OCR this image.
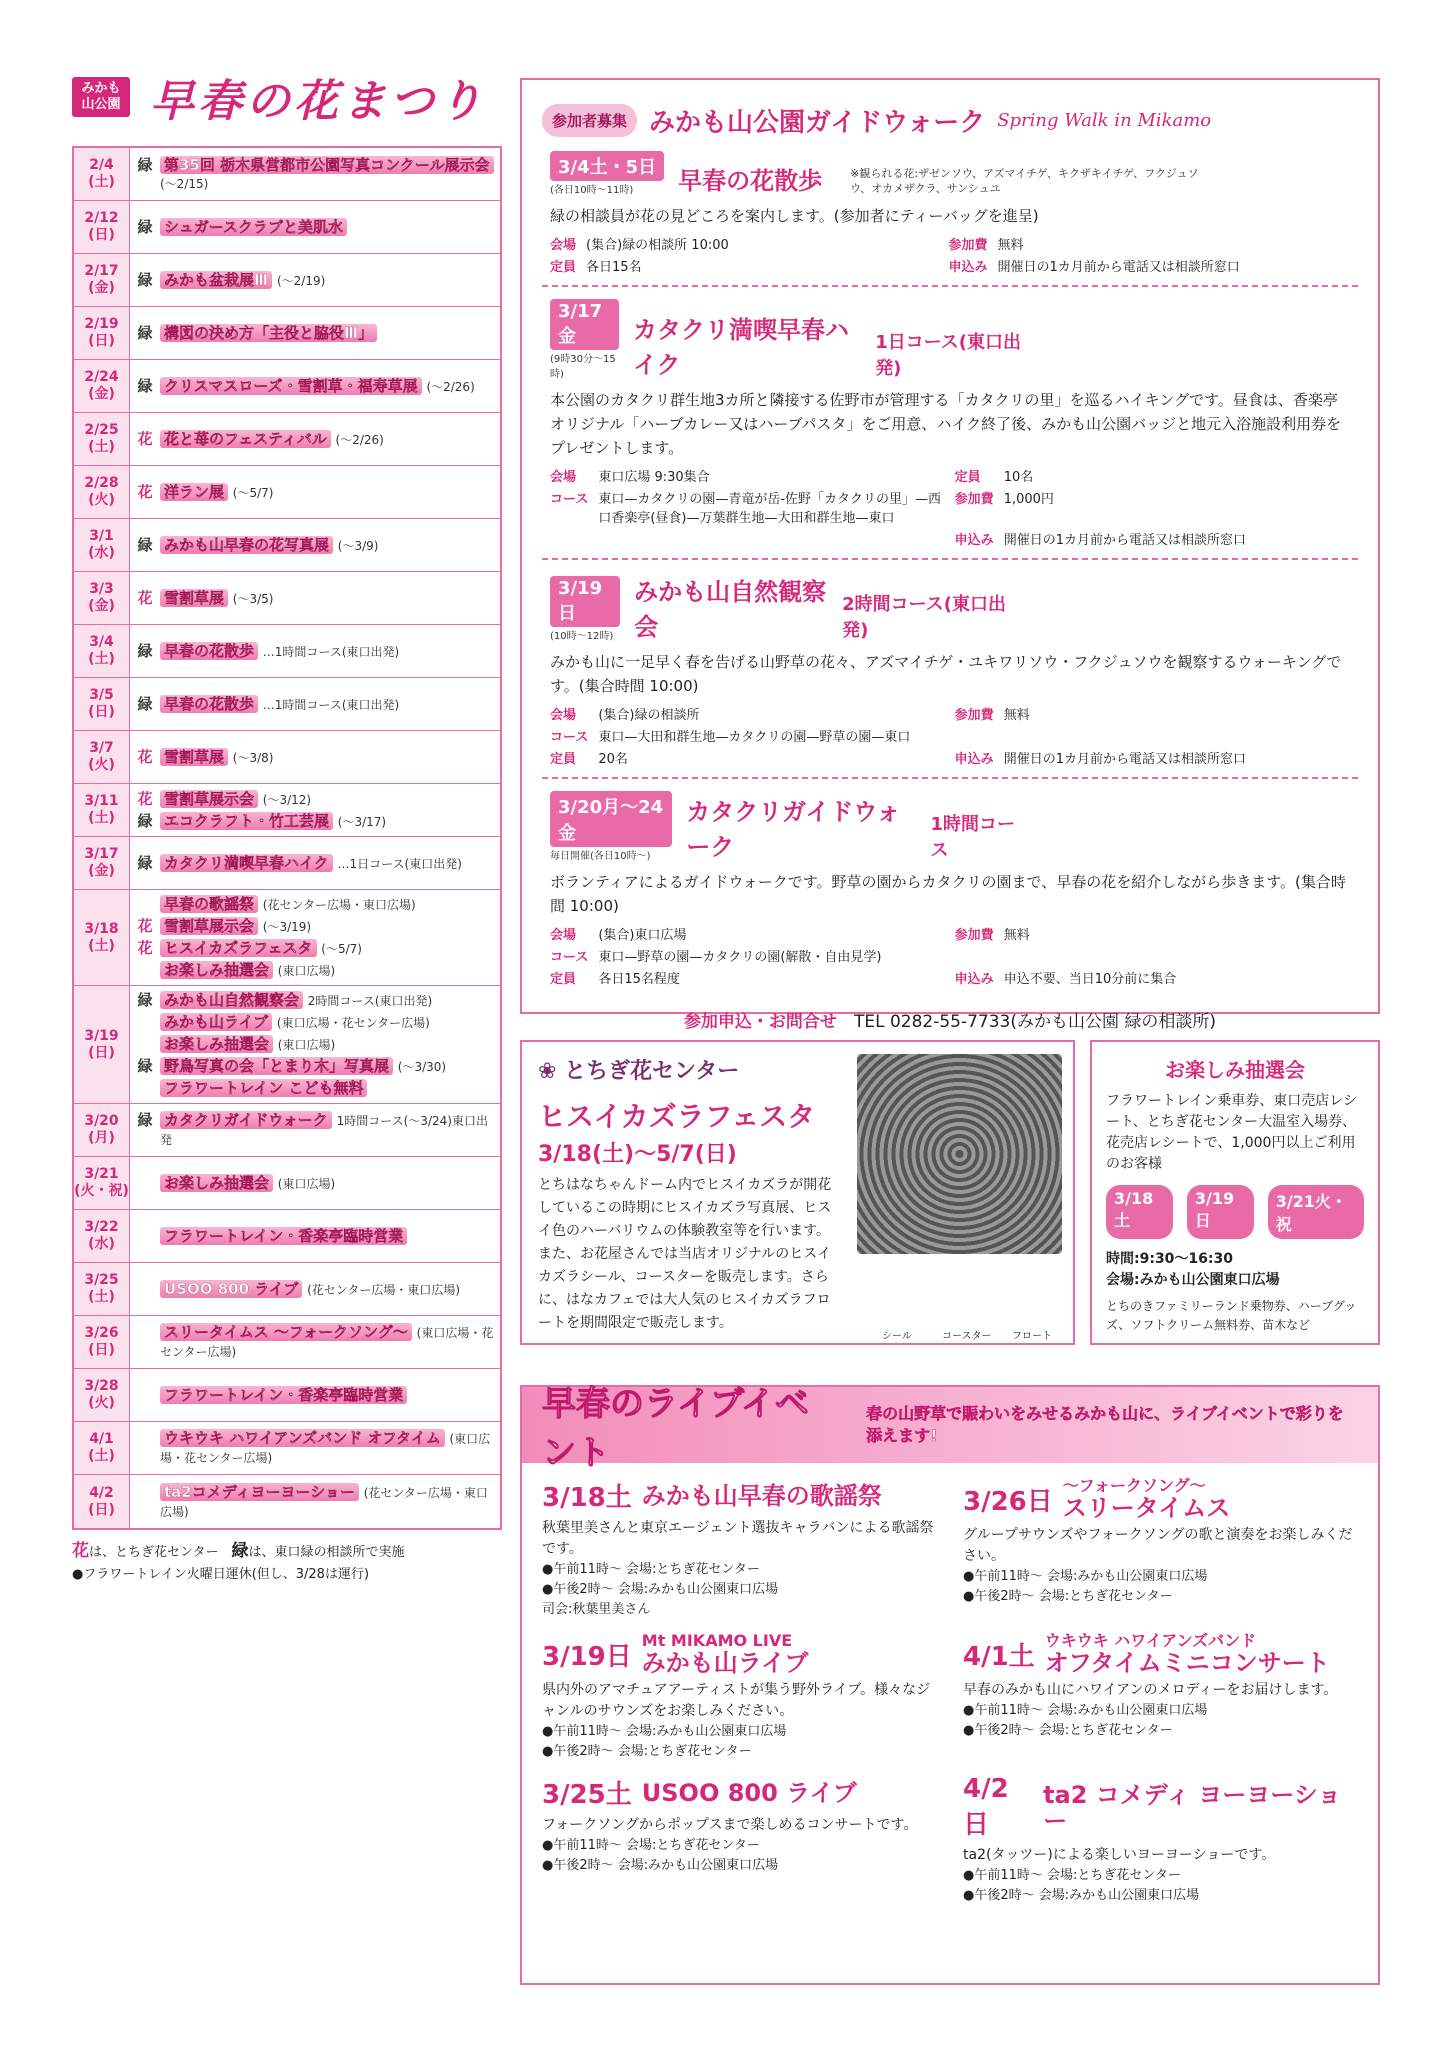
みかも山公園 早春の花まつり
2/4
(土)
緑 第35回 栃木県営都市公園写真コンクール展示会 (〜2/15)
2/12
(日)	緑 シュガースクラブと美肌水
2/17
(金)	緑 みかも盆栽展Ⅲ (〜2/19)
2/19
(日)	緑 構図の決め方「主役と脇役Ⅲ」
2/24
(金)	緑 クリスマスローズ・雪割草・福寿草展 (〜2/26)
2/25
(土)	花 花と苺のフェスティバル (〜2/26)
2/28
(火)	花 洋ラン展 (〜5/7)
3/1
(水)	緑 みかも山早春の花写真展 (〜3/9)
3/3
(金)	花 雪割草展 (〜3/5)
3/4
(土)	緑 早春の花散歩 …1時間コース(東口出発)
3/5
(日)	緑 早春の花散歩 …1時間コース(東口出発)
3/7
(火)	花 雪割草展 (〜3/8)
3/11
(土)
花 雪割草展示会 (〜3/12)
緑 エコクラフト・竹工芸展 (〜3/17)
3/17
(金)	緑 カタクリ満喫早春ハイク …1日コース(東口出発)
3/18
(土)
早春の歌謡祭 (花センター広場・東口広場)
花 雪割草展示会 (〜3/19)
花 ヒスイカズラフェスタ (〜5/7)
お楽しみ抽選会 (東口広場)
3/19
(日)
緑 みかも山自然観察会 2時間コース(東口出発)
みかも山ライブ (東口広場・花センター広場)
お楽しみ抽選会 (東口広場)
緑 野鳥写真の会「とまり木」写真展 (〜3/30)
フラワートレイン こども無料
3/20
(月)
緑 カタクリガイドウォーク 1時間コース(〜3/24)東口出発
3/21
(火・祝) お楽しみ抽選会 (東口広場)
3/22
(水)	フラワートレイン・香楽亭臨時営業
3/25
(土)	USOO 800 ライブ (花センター広場・東口広場)
3/26
(日)
スリータイムス 〜フォークソング〜 (東口広場・花センター広場)
3/28
(火)	フラワートレイン・香楽亭臨時営業
4/1
(土)
ウキウキ ハワイアンズバンド オフタイム (東口広場・花センター広場)
4/2
(日)
ta2コメディヨーヨーショー (花センター広場・東口広場)
花は、とちぎ花センター　 緑は、東口緑の相談所で実施
●フラワートレイン火曜日運休(但し、3/28は運行)
参加者募集 みかも山公園ガイドウォーク Spring Walk in Mikamo
3/4土・5日
(各日10時〜11時)	早春の花散歩	※観られる花:ザゼンソウ、アズマイチゲ、キクザキイチゲ、フクジュソウ、オカメザクラ、サンシュユ
緑の相談員が花の見どころを案内します。(参加者にティーバッグを進呈)
会場 (集合)緑の相談所 10:00	参加費 無料
定員 各日15名	申込み 開催日の1カ月前から電話又は相談所窓口
3/17金
(9時30分〜15時)
カタクリ満喫早春ハイク
1日コース(東口出発)
本公園のカタクリ群生地3カ所と隣接する佐野市が管理する「カタクリの里」を巡るハイキングです。昼食は、香楽亭オリジナル「ハーブカレー又はハーブパスタ」をご用意、ハイク終了後、みかも山公園バッジと地元入浴施設利用券をプレゼントします。
会場	東口広場 9:30集合	定員	10名
コース 東口—カタクリの園—青竜が岳-佐野「カタクリの里」—西口香楽亭(昼食)—万葉群生地—大田和群生地—東口
参加費 1,000円
申込み 開催日の1カ月前から電話又は相談所窓口
3/19日
(10時〜12時)
みかも山自然観察会
2時間コース(東口出発)
みかも山に一足早く春を告げる山野草の花々、アズマイチゲ・ユキワリソウ・フクジュソウを観察するウォーキングです。(集合時間 10:00)
会場	(集合)緑の相談所	参加費 無料
コース 東口—大田和群生地—カタクリの園—野草の園—東口
定員	20名	申込み 開催日の1カ月前から電話又は相談所窓口
3/20月〜24金
毎日開催(各日10時〜)
カタクリガイドウォーク
1時間コース
ボランティアによるガイドウォークです。野草の園からカタクリの園まで、早春の花を紹介しながら歩きます。(集合時間 10:00)
会場	(集合)東口広場	参加費 無料
コース 東口—野草の園—カタクリの園(解散・自由見学)
定員	各日15名程度	申込み 申込不要、当日10分前に集合
参加申込・お問合せ　 TEL 0282-55-7733(みかも山公園 緑の相談所)
❀ とちぎ花センター
ヒスイカズラフェスタ
3/18(土)〜5/7(日)
とちはなちゃんドーム内でヒスイカズラが開花しているこの時期にヒスイカズラ写真展、ヒスイ色のハーバリウムの体験教室等を行います。また、お花屋さんでは当店オリジナルのヒスイカズラシール、コースターを販売します。さらに、はなカフェでは大人気のヒスイカズラフロートを期間限定で販売します。
シール	コースター フロート
お楽しみ抽選会
フラワートレイン乗車券、東口売店レシート、とちぎ花センター大温室入場券、花売店レシートで、1,000円以上ご利用のお客様
3/18土
3/19日
3/21火・祝
時間:9:30〜16:30
会場:みかも山公園東口広場
とちのきファミリーランド乗物券、ハーブグッズ、ソフトクリーム無料券、苗木など
早春のライブイベント
春の山野草で賑わいをみせるみかも山に、ライブイベントで彩りを添えます!
3/18土 みかも山早春の歌謡祭
秋葉里美さんと東京エージェント選抜キャラバンによる歌謡祭です。
●午前11時〜 会場:とちぎ花センター
●午後2時〜 会場:みかも山公園東口広場
司会:秋葉里美さん
3/26日
〜フォークソング〜
スリータイムス
グループサウンズやフォークソングの歌と演奏をお楽しみください。
●午前11時〜 会場:みかも山公園東口広場
●午後2時〜 会場:とちぎ花センター
3/19日
Mt MIKAMO LIVE
みかも山ライブ
県内外のアマチュアアーティストが集う野外ライブ。様々なジャンルのサウンズをお楽しみください。
●午前11時〜 会場:みかも山公園東口広場
●午後2時〜 会場:とちぎ花センター
4/1土
ウキウキ ハワイアンズバンド
オフタイムミニコンサート
早春のみかも山にハワイアンのメロディーをお届けします。
●午前11時〜 会場:みかも山公園東口広場
●午後2時〜 会場:とちぎ花センター
3/25土 USOO 800 ライブ
フォークソングからポップスまで楽しめるコンサートです。
●午前11時〜 会場:とちぎ花センター
●午後2時〜 会場:みかも山公園東口広場
4/2日
ta2 コメディ ヨーヨーショー
ta2(タッツー)による楽しいヨーヨーショーです。
●午前11時〜 会場:とちぎ花センター
●午後2時〜 会場:みかも山公園東口広場
